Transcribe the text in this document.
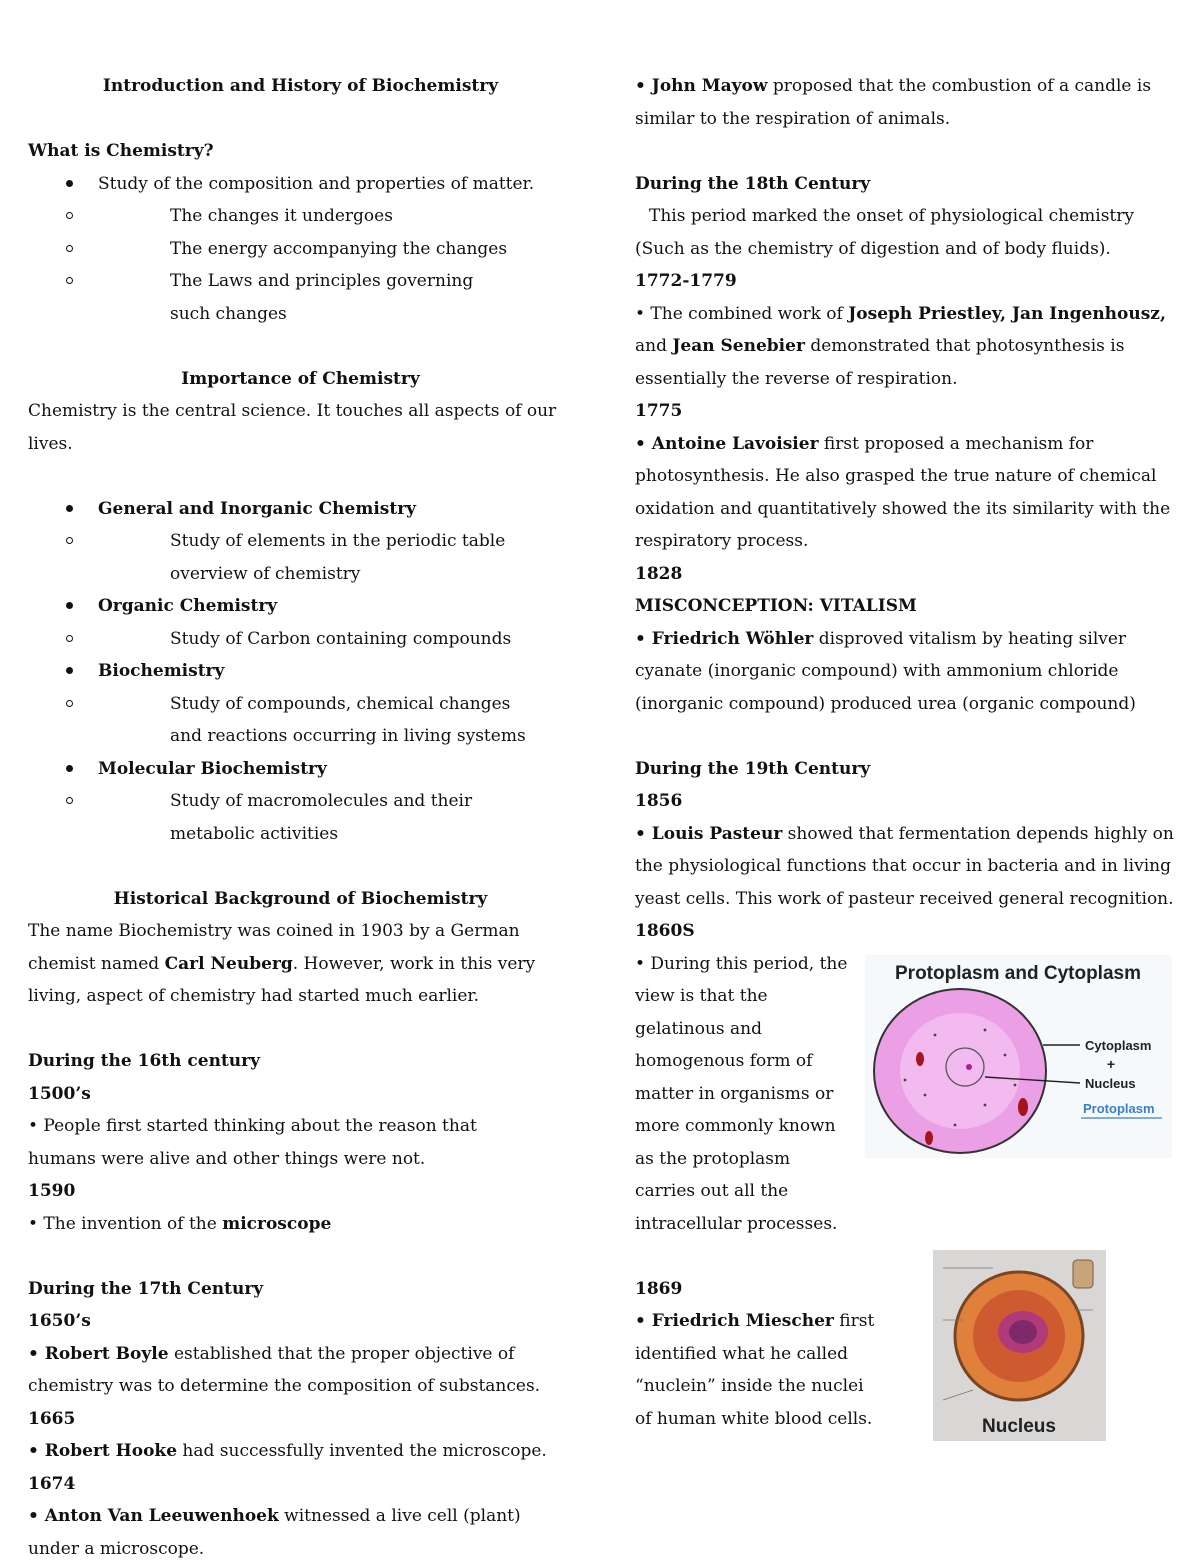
Introduction and History of Biochemistry

What is Chemistry?

Study of the composition and properties of matter.
The changes it undergoes
The energy accompanying the changes
The Laws and principles governing such changes

Importance of Chemistry

Chemistry is the central science. It touches all aspects of our lives.

General and Inorganic Chemistry
Study of elements in the periodic table overview of chemistry
Organic Chemistry
Study of Carbon containing compounds
Biochemistry
Study of compounds, chemical changes and reactions occurring in living systems
Molecular Biochemistry
Study of macromolecules and their metabolic activities

Historical Background of Biochemistry

The name Biochemistry was coined in 1903 by a German chemist named Carl Neuberg. However, work in this very living, aspect of chemistry had started much earlier.

During the 16th century

1500’s

• People first started thinking about the reason that humans were alive and other things were not.

1590

• The invention of the microscope

During the 17th Century

1650’s

• Robert Boyle established that the proper objective of chemistry was to determine the composition of substances.

1665

• Robert Hooke had successfully invented the microscope.

1674

• Anton Van Leeuwenhoek witnessed a live cell (plant) under a microscope.

• John Mayow proposed that the combustion of a candle is similar to the respiration of animals.

During the 18th Century

This period marked the onset of physiological chemistry (Such as the chemistry of digestion and of body fluids).

1772-1779

• The combined work of Joseph Priestley, Jan Ingenhousz, and Jean Senebier demonstrated that photosynthesis is essentially the reverse of respiration.

1775

• Antoine Lavoisier first proposed a mechanism for photosynthesis. He also grasped the true nature of chemical oxidation and quantitatively showed the its similarity with the respiratory process.

1828

MISCONCEPTION: VITALISM

• Friedrich Wöhler disproved vitalism by heating silver cyanate (inorganic compound) with ammonium chloride (inorganic compound) produced urea (organic compound)

During the 19th Century

1856

• Louis Pasteur showed that fermentation depends highly on the physiological functions that occur in bacteria and in living yeast cells. This work of pasteur received general recognition.

1860S

• During this period, the view is that the gelatinous and homogenous form of matter in organisms or more commonly known as the protoplasm carries out all the intracellular processes.

1869

• Friedrich Miescher first identified what he called “nuclein” inside the nuclei of human white blood cells.

Protoplasm and Cytoplasm
Cytoplasm
+
Nucleus
Protoplasm
Nucleus
